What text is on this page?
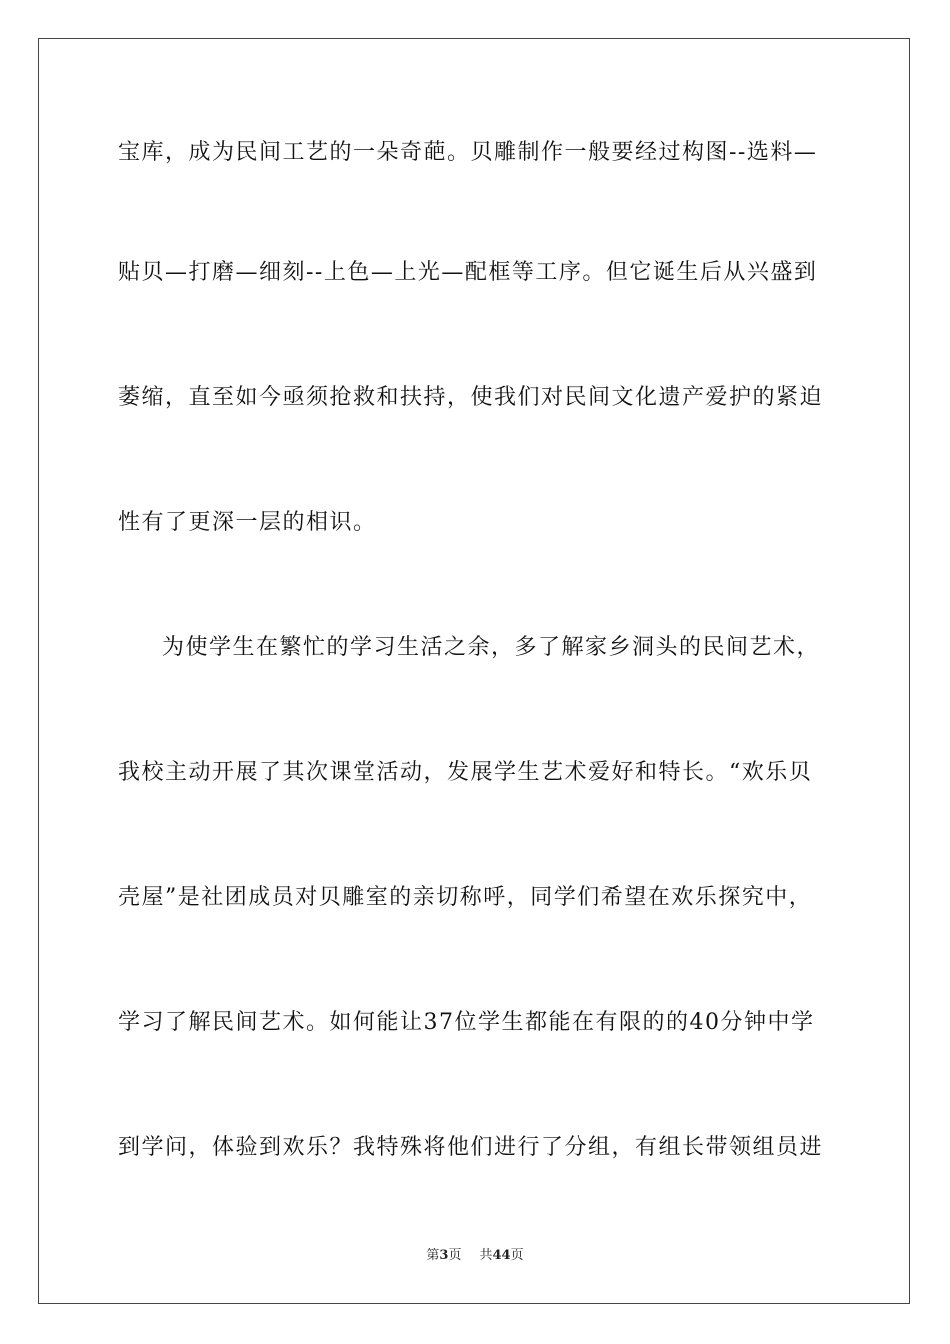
宝库，成为民间工艺的一朵奇葩。贝雕制作一般要经过构图--选料—
贴贝—打磨—细刻--上色—上光—配框等工序。但它诞生后从兴盛到
萎缩，直至如今亟须抢救和扶持，使我们对民间文化遗产爱护的紧迫
性有了更深一层的相识。
为使学生在繁忙的学习生活之余，多了解家乡洞头的民间艺术，
我校主动开展了其次课堂活动，发展学生艺术爱好和特长。“欢乐贝
壳屋”是社团成员对贝雕室的亲切称呼，同学们希望在欢乐探究中，
学习了解民间艺术。如何能让37位学生都能在有限的的40分钟中学
到学问，体验到欢乐？我特殊将他们进行了分组，有组长带领组员进
第3页 共44页
